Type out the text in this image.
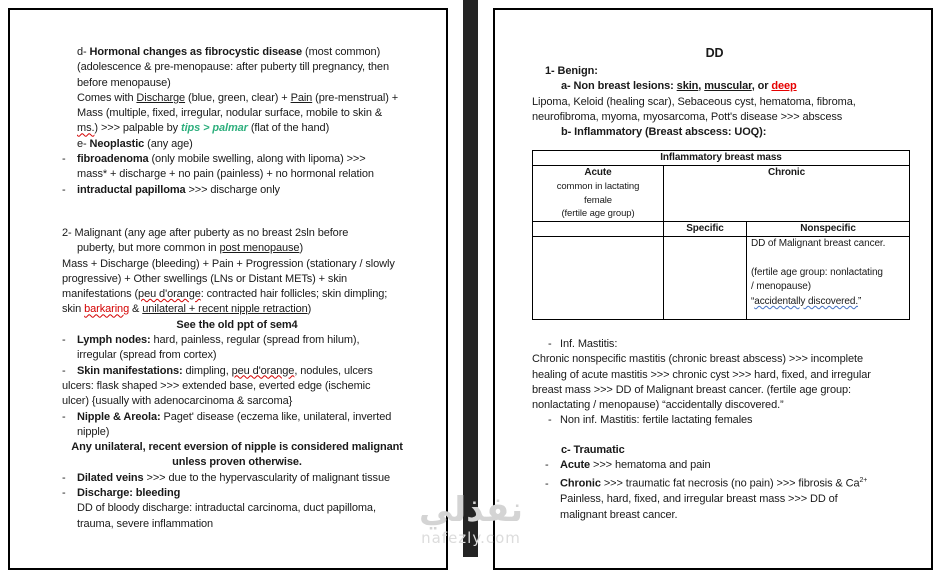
d- Hormonal changes as fibrocystic disease (most common)
(adolescence & pre-menopause: after puberty till pregnancy, then
before menopause)
Comes with Discharge (blue, green, clear) + Pain (pre-menstrual) +
Mass (multiple, fixed, irregular, nodular surface, mobile to skin &
ms.) >>> palpable by tips > palmar (flat of the hand)
e- Neoplastic (any age)
- fibroadenoma (only mobile swelling, along with lipoma) >>>
mass* + discharge + no pain (painless) + no hormonal relation
- intraductal papilloma >>> discharge only
2- Malignant (any age after puberty as no breast 2sln before
puberty, but more common in post menopause)
Mass + Discharge (bleeding) + Pain + Progression (stationary / slowly
progressive) + Other swellings (LNs or Distant METs) + skin
manifestations (peu d'orange: contracted hair follicles; skin dimpling;
skin barkaring & unilateral + recent nipple retraction)
See the old ppt of sem4
- Lymph nodes: hard, painless, regular (spread from hilum),
irregular (spread from cortex)
- Skin manifestations: dimpling, peu d'orange, nodules, ulcers
ulcers: flask shaped >>> extended base, everted edge (ischemic
ulcer) {usually with adenocarcinoma & sarcoma}
- Nipple & Areola: Paget' disease (eczema like, unilateral, inverted
nipple)
Any unilateral, recent eversion of nipple is considered malignant
unless proven otherwise.
- Dilated veins >>> due to the hypervascularity of malignant tissue
- Discharge: bleeding
DD of bloody discharge: intraductal carcinoma, duct papilloma,
trauma, severe inflammation
DD
1- Benign:
a- Non breast lesions: skin, muscular, or deep
Lipoma, Keloid (healing scar), Sebaceous cyst, hematoma, fibroma,
neurofibroma, myoma, myosarcoma, Pott's disease >>> abscess
b- Inflammatory (Breast abscess: UOQ):
Inflammatory breast mass		

Acute
common in lactating
female
(fertile age group)	Chronic	
	Specific	Nonspecific

		DD of Malignant breast cancer.

(fertile age group: nonlactating
/ menopause)
“accidentally discovered.”
- Inf. Mastitis:
Chronic nonspecific mastitis (chronic breast abscess) >>> incomplete
healing of acute mastitis >>> chronic cyst >>> hard, fixed, and irregular
breast mass >>> DD of Malignant breast cancer. (fertile age group:
nonlactating / menopause) “accidentally discovered.”
- Non inf. Mastitis: fertile lactating females
c- Traumatic
- Acute >>> hematoma and pain
- Chronic >>> traumatic fat necrosis (no pain) >>> fibrosis & $Ca^{2+}$
Painless, hard, fixed, and irregular breast mass >>> DD of
malignant breast cancer.
نفذلي
nafezly.com
